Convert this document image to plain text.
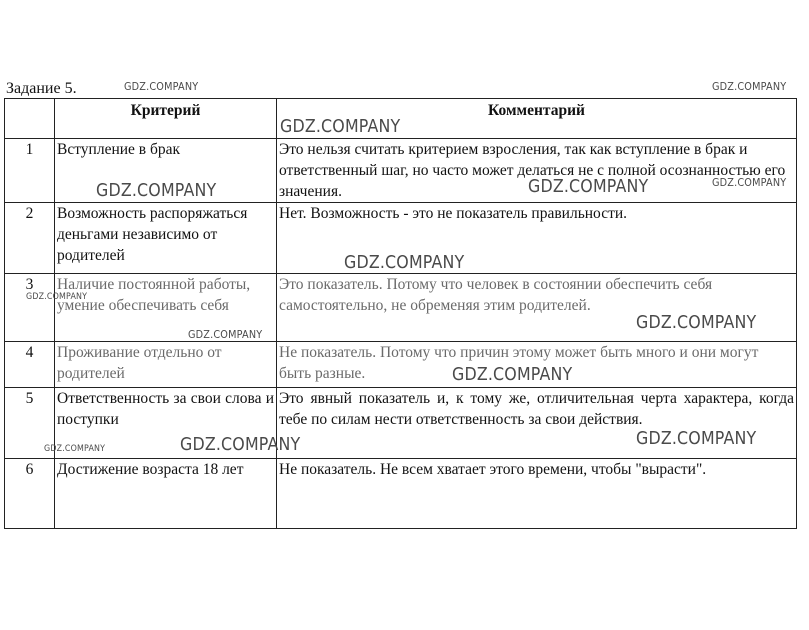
Задание 5.
	Критерий	Комментарий
1	Вступление в брак	Это нельзя считать критерием взросления, так как вступление в брак и ответственный шаг, но часто может делаться не с полной осознанностью его значения.
2	Возможность распоряжаться деньгами независимо от родителей	Нет. Возможность - это не показатель правильности.
3	Наличие постоянной работы, умение обеспечивать себя	Это показатель. Потому что человек в состоянии обеспечить себя самостоятельно, не обременяя этим родителей.
4	Проживание отдельно от родителей	Не показатель. Потому что причин этому может быть много и они могут быть разные.
5	Ответственность за свои слова и поступки	Это явный показатель и, к тому же, отличительная черта характера, когда тебе по силам нести ответственность за свои действия.
6	Достижение возраста 18 лет	Не показатель. Не всем хватает этого времени, чтобы "вырасти".
GDZ.COMPANY	GDZ.COMPANY
GDZ.COMPANY
GDZ.COMPANY	GDZ.COMPANY	GDZ.COMPANY
GDZ.COMPANY
GDZ.COMPANY
GDZ.COMPANY
GDZ.COMPANY
GDZ.COMPANY
GDZ.COMPANY
GDZ.COMPANY
GDZ.COMPANY
